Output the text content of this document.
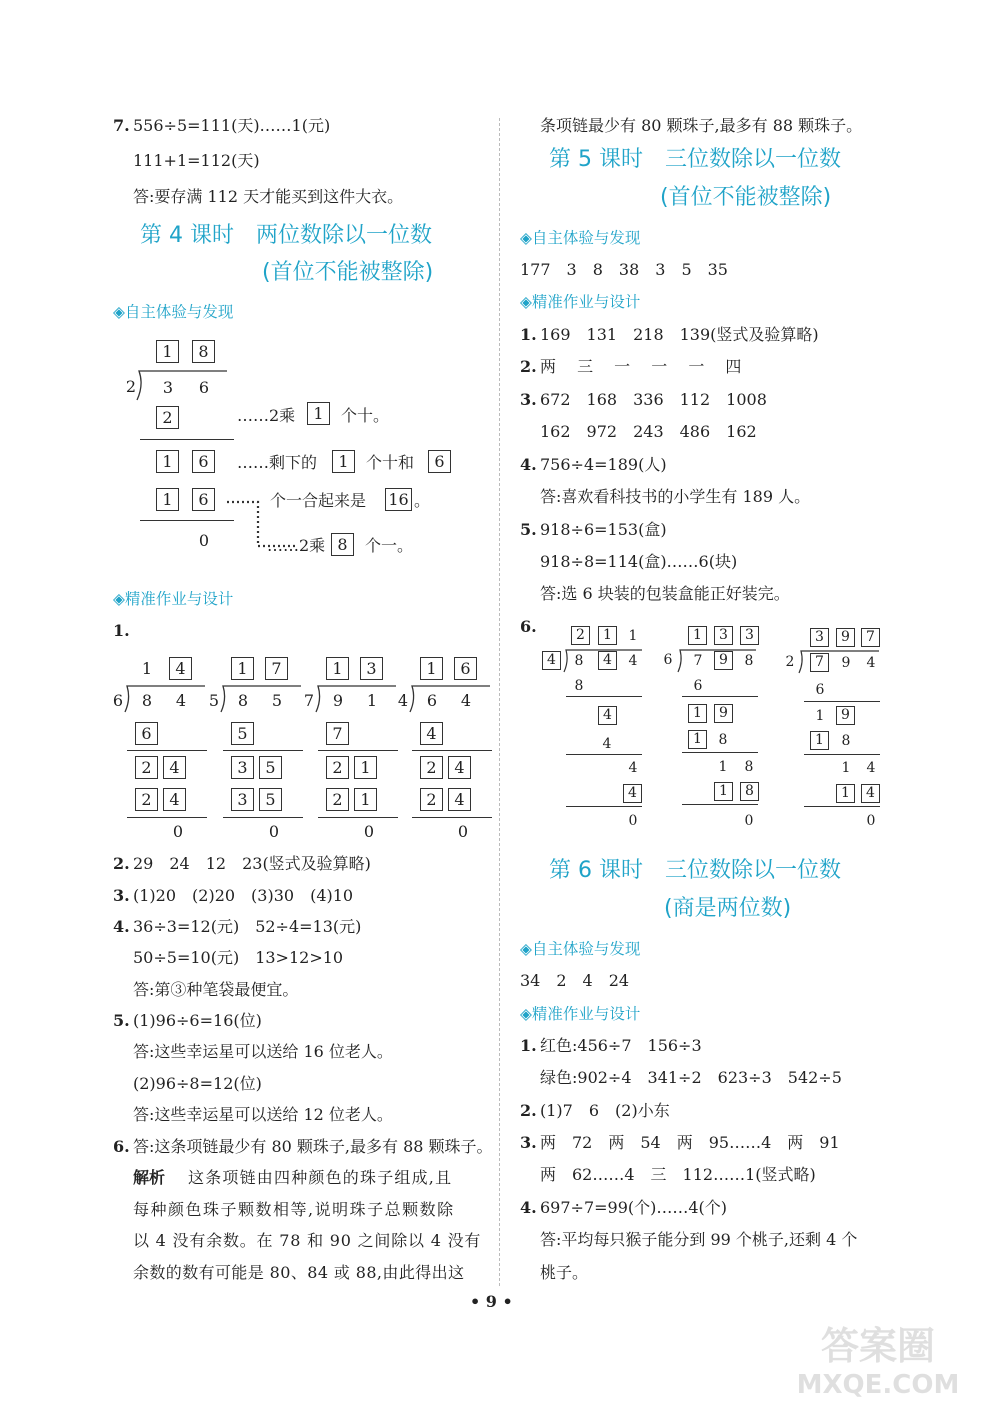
7. 556÷5=111(天)……1(元)
111+1=112(天)
答:要存满 112 天才能买到这件大衣。
第 4 课时　两位数除以一位数
(首位不能被整除)
◈自主体验与发现
1	8
2 3 6
2	……2乘	1	个十。
1	6	……剩下的	1	个十和	6
1	6	个一合起来是 16 。
0	……2乘 8	个一。
◈精准作业与设计
1.
1	4
6 8 4
6
2	4
2	4
0
1	7
5 8 5
5
3	5
3	5
0
1	3
7 9 1
7
2	1
2	1
0
1	6
4 6 4
4
2	4
2	4
0
2. 29　24　12　23(竖式及验算略)
3. (1)20　(2)20　(3)30　(4)10
4. 36÷3=12(元)　52÷4=13(元)
50÷5=10(元)　13>12>10
答:第③种笔袋最便宜。
5. (1)96÷6=16(位)
答:这些幸运星可以送给 16 位老人。
(2)96÷8=12(位)
答:这些幸运星可以送给 12 位老人。
6. 答:这条项链最少有 80 颗珠子,最多有 88 颗珠子。
解析 这条项链由四种颜色的珠子组成,且
每种颜色珠子颗数相等,说明珠子总颗数除
以 4 没有余数。在 78 和 90 之间除以 4 没有
余数的数有可能是 80、84 或 88,由此得出这
条项链最少有 80 颗珠子,最多有 88 颗珠子。
第 5 课时　三位数除以一位数
(首位不能被整除)
◈自主体验与发现
177　3　8　38　3　5　35
◈精准作业与设计
1. 169　131　218　139(竖式及验算略)
2. 两　 三　 一　 一　 一　 四
3. 672　168　336　112　1008
162　972　243　486　162
4. 756÷4=189(人)
答:喜欢看科技书的小学生有 189 人。
5. 918÷6=153(盒)
918÷8=114(盒)……6(块)
答:选 6 块装的包装盒能正好装完。
6.	2	1	1
4	8	4	4
8
4
4
4
4
0
1	3	3
6 7	9	8
6
1	9
1	8
1 8
1	8
0
3	9	7
2	7	9 4
6
1	9
1	8
1 4
1	4
0
第 6 课时　三位数除以一位数
(商是两位数)
◈自主体验与发现
34　2　4　24
◈精准作业与设计
1. 红色:456÷7　156÷3
绿色:902÷4　341÷2　623÷3　542÷5
2. (1)7　6　(2)小东
3. 两　72　两　54　两　95……4　两　91
两　62……4　三　112……1(竖式略)
4. 697÷7=99(个)……4(个)
答:平均每只猴子能分到 99 个桃子,还剩 4 个
桃子。
• 9 •
答案圈
MXQE.COM
